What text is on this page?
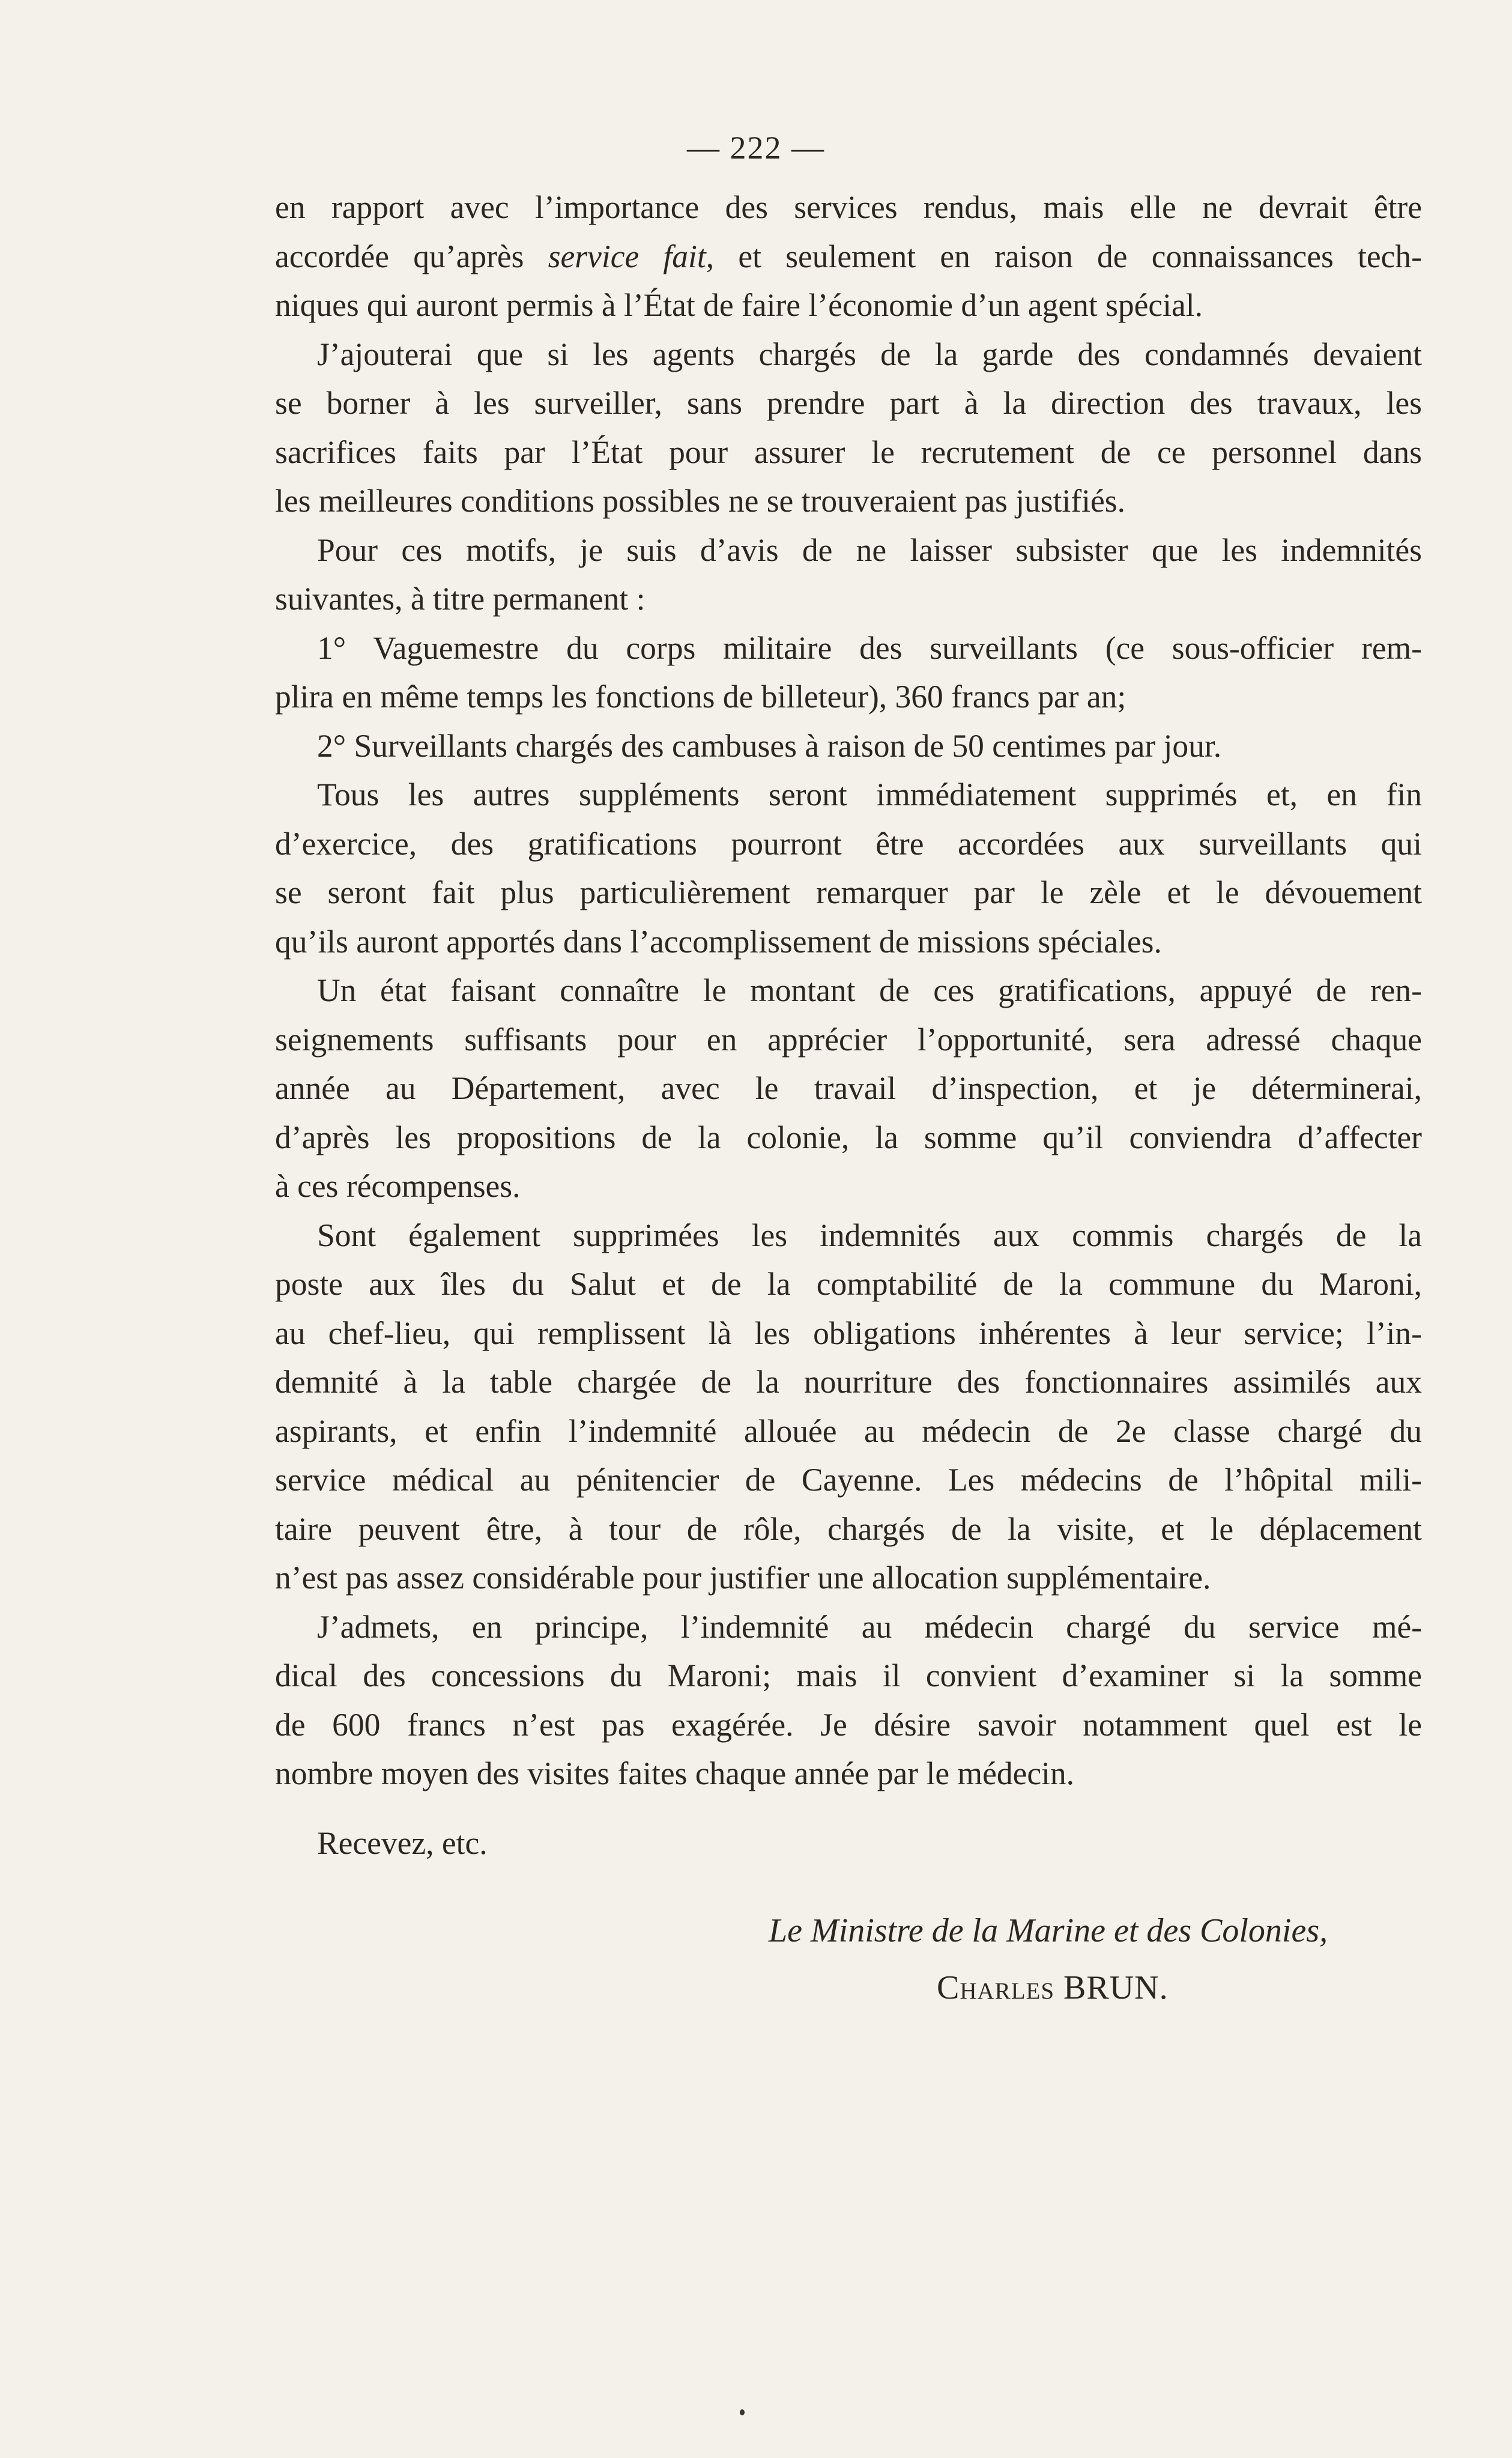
— 222 —
en rapport avec l’importance des services rendus, mais elle ne devrait être
accordée qu’après service fait, et seulement en raison de connaissances tech-
niques qui auront permis à l’État de faire l’économie d’un agent spécial.
J’ajouterai que si les agents chargés de la garde des condamnés devaient
se borner à les surveiller, sans prendre part à la direction des travaux, les
sacrifices faits par l’État pour assurer le recrutement de ce personnel dans
les meilleures conditions possibles ne se trouveraient pas justifiés.
Pour ces motifs, je suis d’avis de ne laisser subsister que les indemnités
suivantes, à titre permanent :
1° Vaguemestre du corps militaire des surveillants (ce sous-officier rem-
plira en même temps les fonctions de billeteur), 360 francs par an;
2° Surveillants chargés des cambuses à raison de 50 centimes par jour.
Tous les autres suppléments seront immédiatement supprimés et, en fin
d’exercice, des gratifications pourront être accordées aux surveillants qui
se seront fait plus particulièrement remarquer par le zèle et le dévouement
qu’ils auront apportés dans l’accomplissement de missions spéciales.
Un état faisant connaître le montant de ces gratifications, appuyé de ren-
seignements suffisants pour en apprécier l’opportunité, sera adressé chaque
année au Département, avec le travail d’inspection, et je déterminerai,
d’après les propositions de la colonie, la somme qu’il conviendra d’affecter
à ces récompenses.
Sont également supprimées les indemnités aux commis chargés de la
poste aux îles du Salut et de la comptabilité de la commune du Maroni,
au chef-lieu, qui remplissent là les obligations inhérentes à leur service; l’in-
demnité à la table chargée de la nourriture des fonctionnaires assimilés aux
aspirants, et enfin l’indemnité allouée au médecin de 2e classe chargé du
service médical au pénitencier de Cayenne. Les médecins de l’hôpital mili-
taire peuvent être, à tour de rôle, chargés de la visite, et le déplacement
n’est pas assez considérable pour justifier une allocation supplémentaire.
J’admets, en principe, l’indemnité au médecin chargé du service mé-
dical des concessions du Maroni; mais il convient d’examiner si la somme
de 600 francs n’est pas exagérée. Je désire savoir notamment quel est le
nombre moyen des visites faites chaque année par le médecin.
Recevez, etc.
Le Ministre de la Marine et des Colonies,
Charles BRUN.
